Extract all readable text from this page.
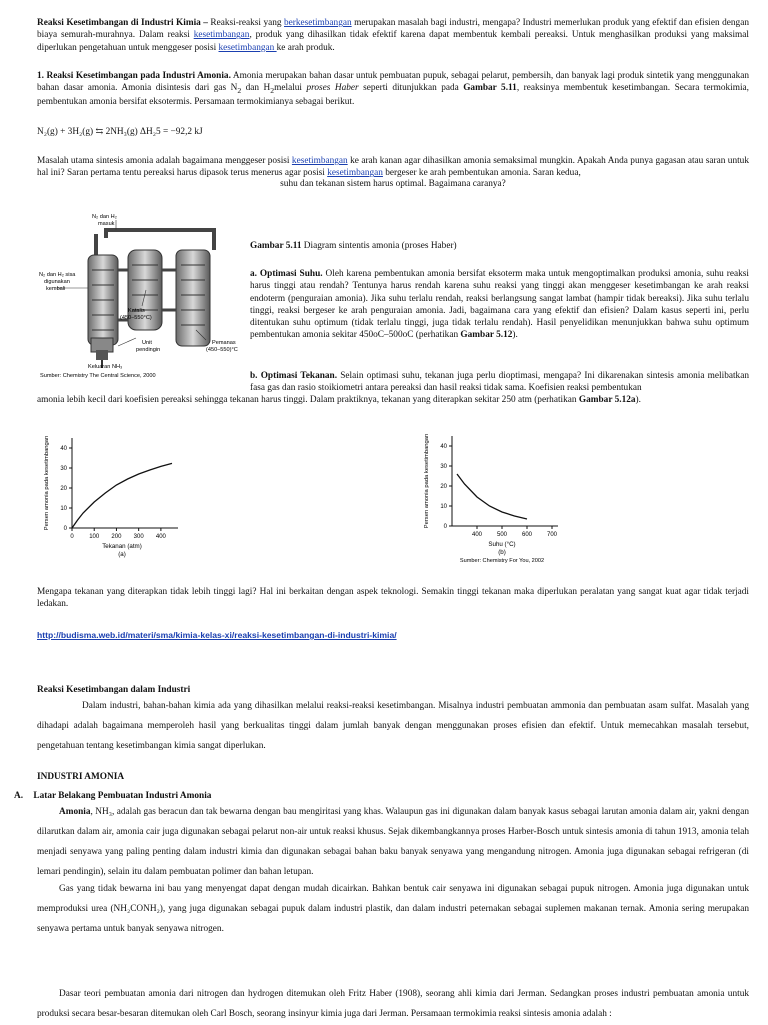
Reaksi Kesetimbangan di Industri Kimia – Reaksi-reaksi yang berkesetimbangan merupakan masalah bagi industri, mengapa? Industri memerlukan produk yang efektif dan efisien dengan biaya semurah-murahnya. Dalam reaksi kesetimbangan, produk yang dihasilkan tidak efektif karena dapat membentuk kembali pereaksi. Untuk menghasilkan produksi yang maksimal diperlukan pengetahuan untuk menggeser posisi kesetimbangan ke arah produk.

1. Reaksi Kesetimbangan pada Industri Amonia. Amonia merupakan bahan dasar untuk pembuatan pupuk, sebagai pelarut, pembersih, dan banyak lagi produk sintetik yang menggunakan bahan dasar amonia. Amonia disintesis dari gas $N_2$ dan $H_2melalui$ proses Haber seperti ditunjukkan pada Gambar 5.11, reaksinya membentuk kesetimbangan. Secara termokimia, pembentukan amonia bersifat eksotermis. Persamaan termokimianya sebagai berikut.

N₂(g) + 3H₂(g) ⇆ 2NH₃(g) ΔH₂5 = −92,2 kJ

Masalah utama sintesis amonia adalah bagaimana menggeser posisi kesetimbangan ke arah kanan agar dihasilkan amonia semaksimal mungkin. Apakah Anda punya gagasan atau saran untuk hal ini? Saran pertama tentu pereaksi harus dipasok terus menerus agar posisi kesetimbangan bergeser ke arah pembentukan amonia. Saran kedua,

suhu dan tekanan sistem harus optimal. Bagaimana caranya?

N₂ dan H₂
masuk
N₂ dan H₂ sisa
digunakan
kembali
Katalis
(450–550°C)
Unit
pendingin
Pemanas
(450–550)°C
Keluaran NH₃
Sumber: Chemistry The Central Science, 2000

Gambar 5.11 Diagram sintentis amonia (proses Haber)

a. Optimasi Suhu. Oleh karena pembentukan amonia bersifat eksoterm maka untuk mengoptimalkan produksi amonia, suhu reaksi harus tinggi atau rendah? Tentunya harus rendah karena suhu reaksi yang tinggi akan menggeser kesetimbangan ke arah reaksi endoterm (penguraian amonia). Jika suhu terlalu rendah, reaksi berlangsung sangat lambat (hampir tidak bereaksi). Jika suhu terlalu tinggi, reaksi bergeser ke arah penguraian amonia. Jadi, bagaimana cara yang efektif dan efisien? Dalam kasus seperti ini, perlu ditentukan suhu optimum (tidak terlalu tinggi, juga tidak terlalu rendah). Hasil penyelidikan menunjukkan bahwa suhu optimum pembentukan amonia sekitar 450oC–500oC (perhatikan Gambar 5.12).

b. Optimasi Tekanan. Selain optimasi suhu, tekanan juga perlu dioptimasi, mengapa? Ini dikarenakan sintesis amonia melibatkan fasa gas dan rasio stoikiometri antara pereaksi dan hasil reaksi tidak sama. Koefisien reaksi pembentukan

amonia lebih kecil dari koefisien pereaksi sehingga tekanan harus tinggi. Dalam praktiknya, tekanan yang diterapkan sekitar 250 atm (perhatikan Gambar 5.12a).

0
10
20
30
40
0	100 200 300 400
Tekanan (atm)
(a)
Persen amonia pada kesetimbangan	0
10
20
30
40
400 500 600 700
Suhu (°C)
(b)
Persen amonia pada kesetimbangan
Sumber: Chemistry For You, 2002

Mengapa tekanan yang diterapkan tidak lebih tinggi lagi? Hal ini berkaitan dengan aspek teknologi. Semakin tinggi tekanan maka diperlukan peralatan yang sangat kuat agar tidak terjadi ledakan.

http://budisma.web.id/materi/sma/kimia-kelas-xi/reaksi-kesetimbangan-di-industri-kimia/

Reaksi Kesetimbangan dalam Industri

Dalam industri, bahan-bahan kimia ada yang dihasilkan melalui reaksi-reaksi kesetimbangan. Misalnya industri pembuatan ammonia dan pembuatan asam sulfat. Masalah yang dihadapi adalah bagaimana memperoleh hasil yang berkualitas tinggi dalam jumlah banyak dengan menggunakan proses efisien dan efektif. Untuk memecahkan masalah tersebut, pengetahuan tentang kesetimbangan kimia sangat diperlukan.

INDUSTRI AMONIA

A. Latar Belakang Pembuatan Industri Amonia

Amonia, NH₃, adalah gas beracun dan tak bewarna dengan bau mengiritasi yang khas. Walaupun gas ini digunakan dalam banyak kasus sebagai larutan amonia dalam air, yakni dengan dilarutkan dalam air, amonia cair juga digunakan sebagai pelarut non-air untuk reaksi khusus. Sejak dikembangkannya proses Harber-Bosch untuk sintesis amonia di tahun 1913, amonia telah menjadi senyawa yang paling penting dalam industri kimia dan digunakan sebagai bahan baku banyak senyawa yang mengandung nitrogen. Amonia juga digunakan sebagai refrigeran (di lemari pendingin), selain itu dalam pembuatan polimer dan bahan letupan.

Gas yang tidak bewarna ini bau yang menyengat dapat dengan mudah dicairkan. Bahkan bentuk cair senyawa ini digunakan sebagai pupuk nitrogen. Amonia juga digunakan untuk memproduksi urea (NH₂CONH₂), yang juga digunakan sebagai pupuk dalam industri plastik, dan dalam industri peternakan sebagai suplemen makanan ternak. Amonia sering merupakan senyawa pertama untuk banyak senyawa nitrogen.

Dasar teori pembuatan amonia dari nitrogen dan hydrogen ditemukan oleh Fritz Haber (1908), seorang ahli kimia dari Jerman. Sedangkan proses industri pembuatan amonia untuk produksi secara besar-besaran ditemukan oleh Carl Bosch, seorang insinyur kimia juga dari Jerman. Persamaan termokimia reaksi sintesis amonia adalah :
